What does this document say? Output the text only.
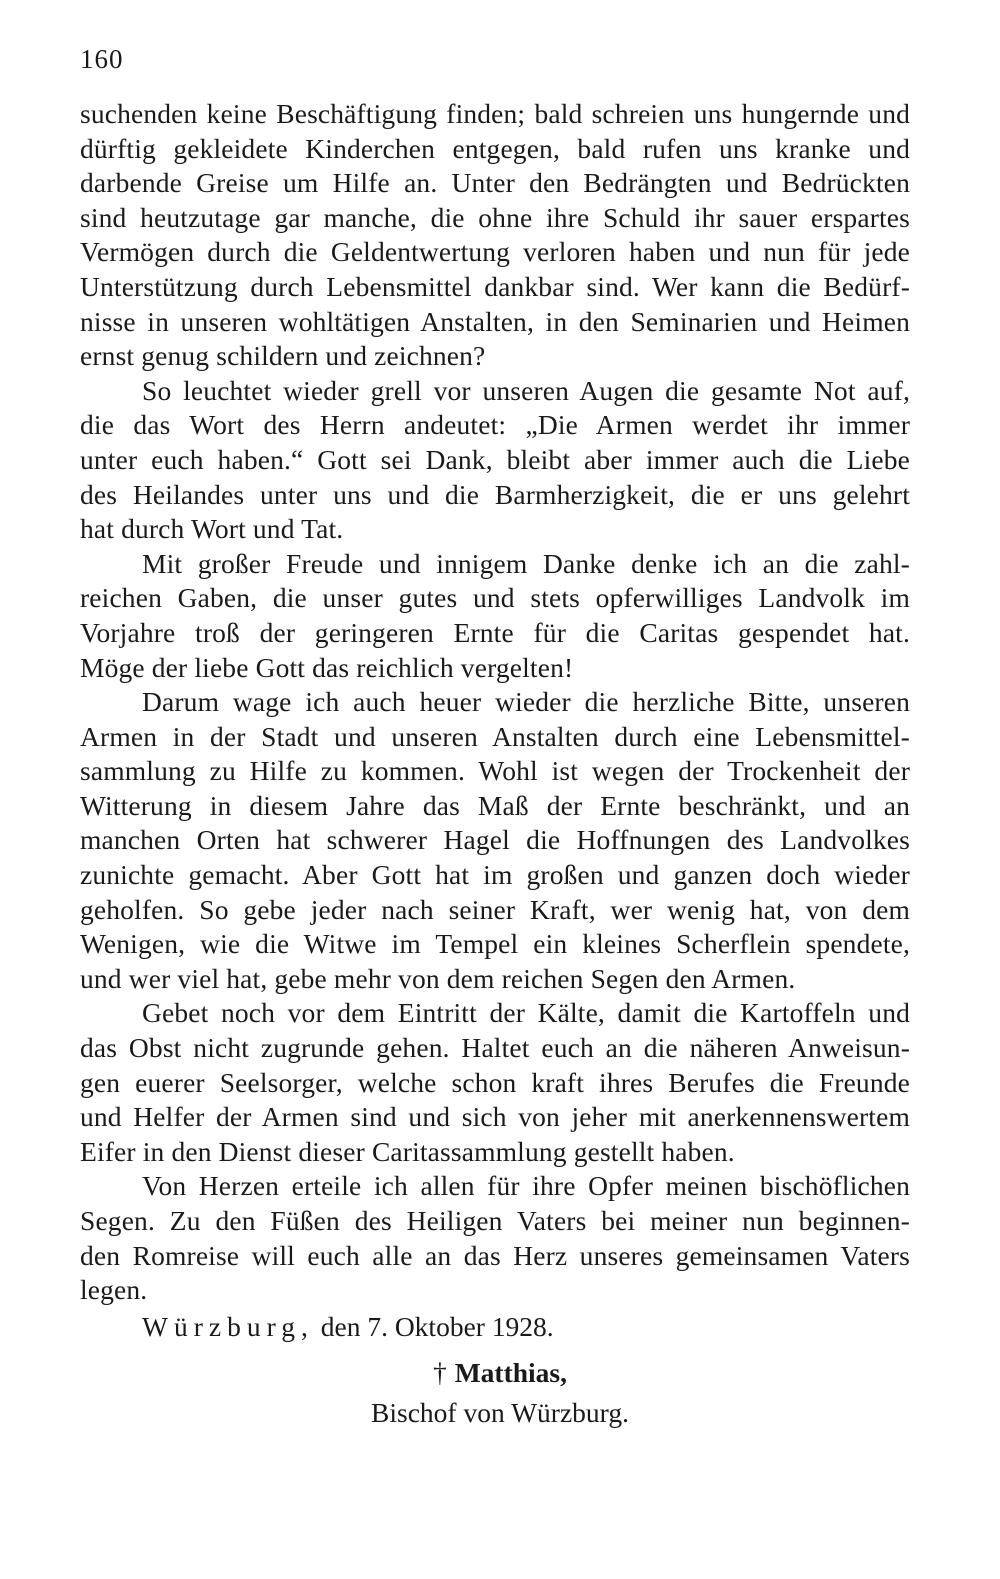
160
suchenden keine Beschäftigung finden; bald schreien uns hungernde und
dürftig gekleidete Kinderchen entgegen, bald rufen uns kranke und
darbende Greise um Hilfe an. Unter den Bedrängten und Bedrückten
sind heutzutage gar manche, die ohne ihre Schuld ihr sauer erspartes
Vermögen durch die Geldentwertung verloren haben und nun für jede
Unterstützung durch Lebensmittel dankbar sind. Wer kann die Bedürf-
nisse in unseren wohltätigen Anstalten, in den Seminarien und Heimen
ernst genug schildern und zeichnen?
So leuchtet wieder grell vor unseren Augen die gesamte Not auf,
die das Wort des Herrn andeutet: „Die Armen werdet ihr immer
unter euch haben.“ Gott sei Dank, bleibt aber immer auch die Liebe
des Heilandes unter uns und die Barmherzigkeit, die er uns gelehrt
hat durch Wort und Tat.
Mit großer Freude und innigem Danke denke ich an die zahl-
reichen Gaben, die unser gutes und stets opferwilliges Landvolk im
Vorjahre troß der geringeren Ernte für die Caritas gespendet hat.
Möge der liebe Gott das reichlich vergelten!
Darum wage ich auch heuer wieder die herzliche Bitte, unseren
Armen in der Stadt und unseren Anstalten durch eine Lebensmittel-
sammlung zu Hilfe zu kommen. Wohl ist wegen der Trockenheit der
Witterung in diesem Jahre das Maß der Ernte beschränkt, und an
manchen Orten hat schwerer Hagel die Hoffnungen des Landvolkes
zunichte gemacht. Aber Gott hat im großen und ganzen doch wieder
geholfen. So gebe jeder nach seiner Kraft, wer wenig hat, von dem
Wenigen, wie die Witwe im Tempel ein kleines Scherflein spendete,
und wer viel hat, gebe mehr von dem reichen Segen den Armen.
Gebet noch vor dem Eintritt der Kälte, damit die Kartoffeln und
das Obst nicht zugrunde gehen. Haltet euch an die näheren Anweisun-
gen euerer Seelsorger, welche schon kraft ihres Berufes die Freunde
und Helfer der Armen sind und sich von jeher mit anerkennenswertem
Eifer in den Dienst dieser Caritassammlung gestellt haben.
Von Herzen erteile ich allen für ihre Opfer meinen bischöflichen
Segen. Zu den Füßen des Heiligen Vaters bei meiner nun beginnen-
den Romreise will euch alle an das Herz unseres gemeinsamen Vaters
legen.
Würzburg, den 7. Oktober 1928.
† Matthias,
Bischof von Würzburg.
